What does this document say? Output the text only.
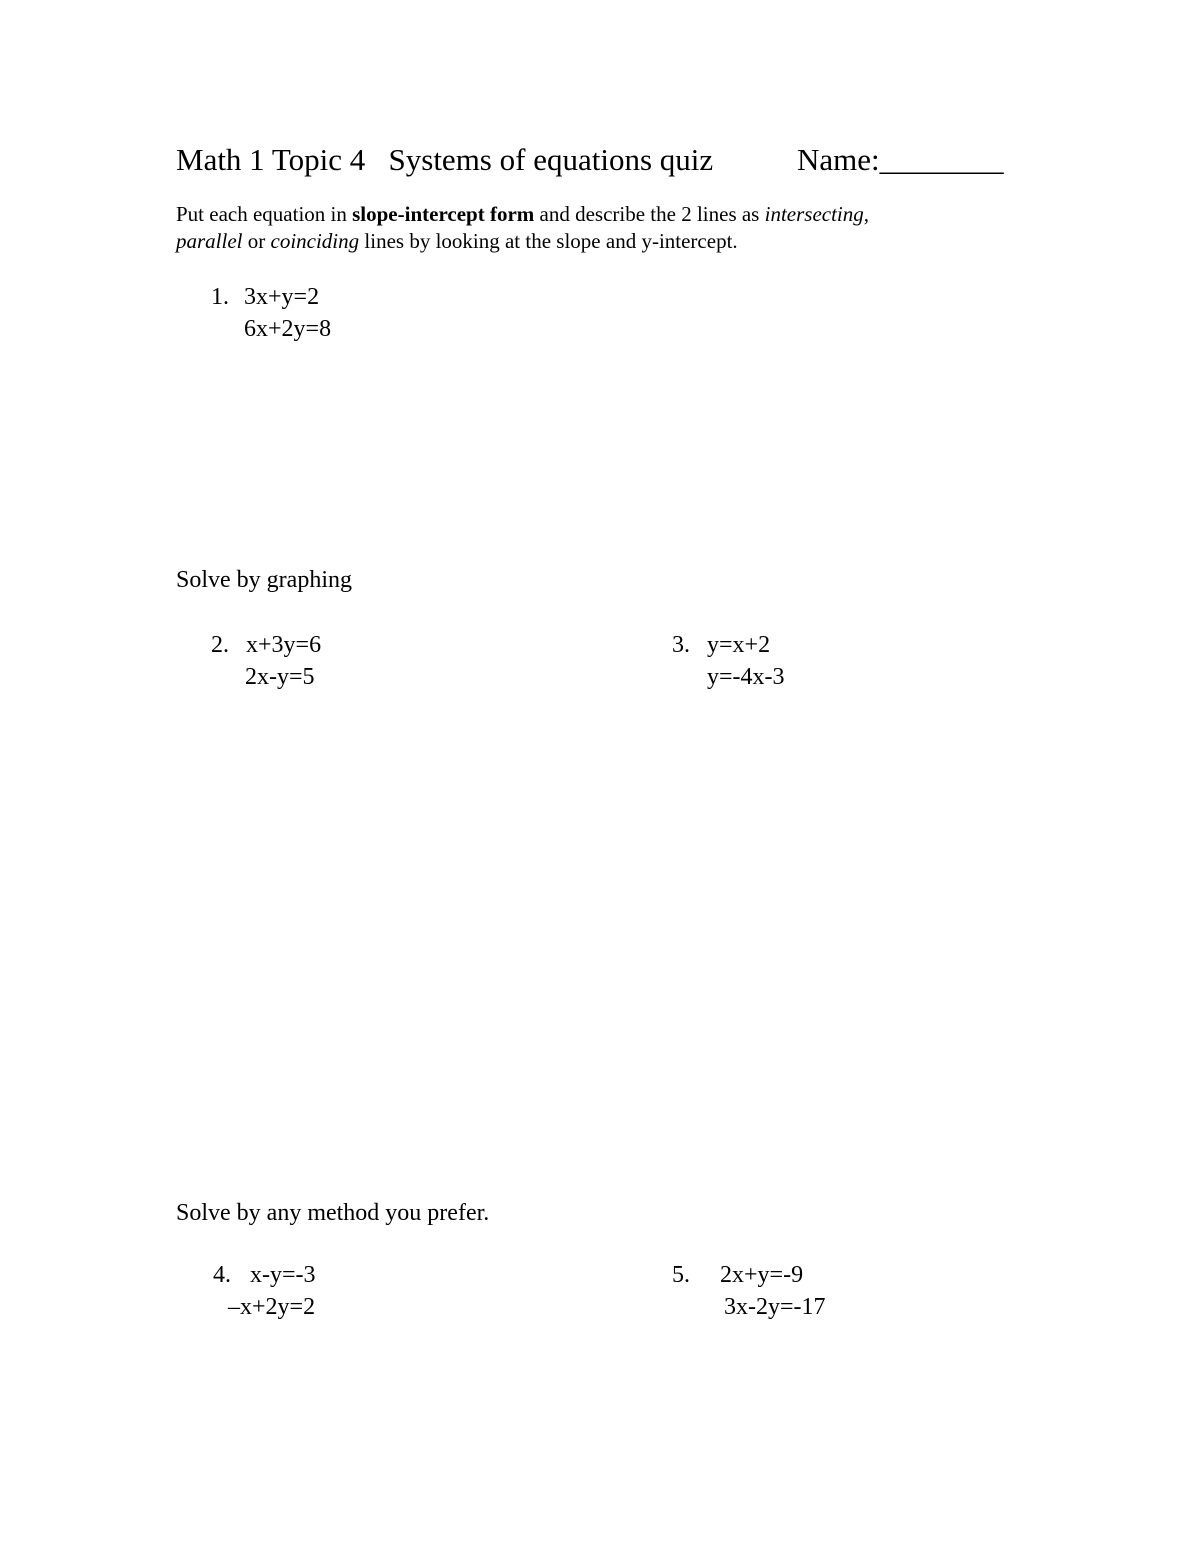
Math 1 Topic 4   Systems of equations quiz	Name:________
Put each equation in slope-intercept form and describe the 2 lines as intersecting,
parallel or coinciding lines by looking at the slope and y-intercept.
1. 3x+y=2
6x+2y=8
Solve by graphing
2. x+3y=6
2x-y=5
3. y=x+2
y=-4x-3
Solve by any method you prefer.
4. x-y=-3
–x+2y=2
5. 2x+y=-9
3x-2y=-17
